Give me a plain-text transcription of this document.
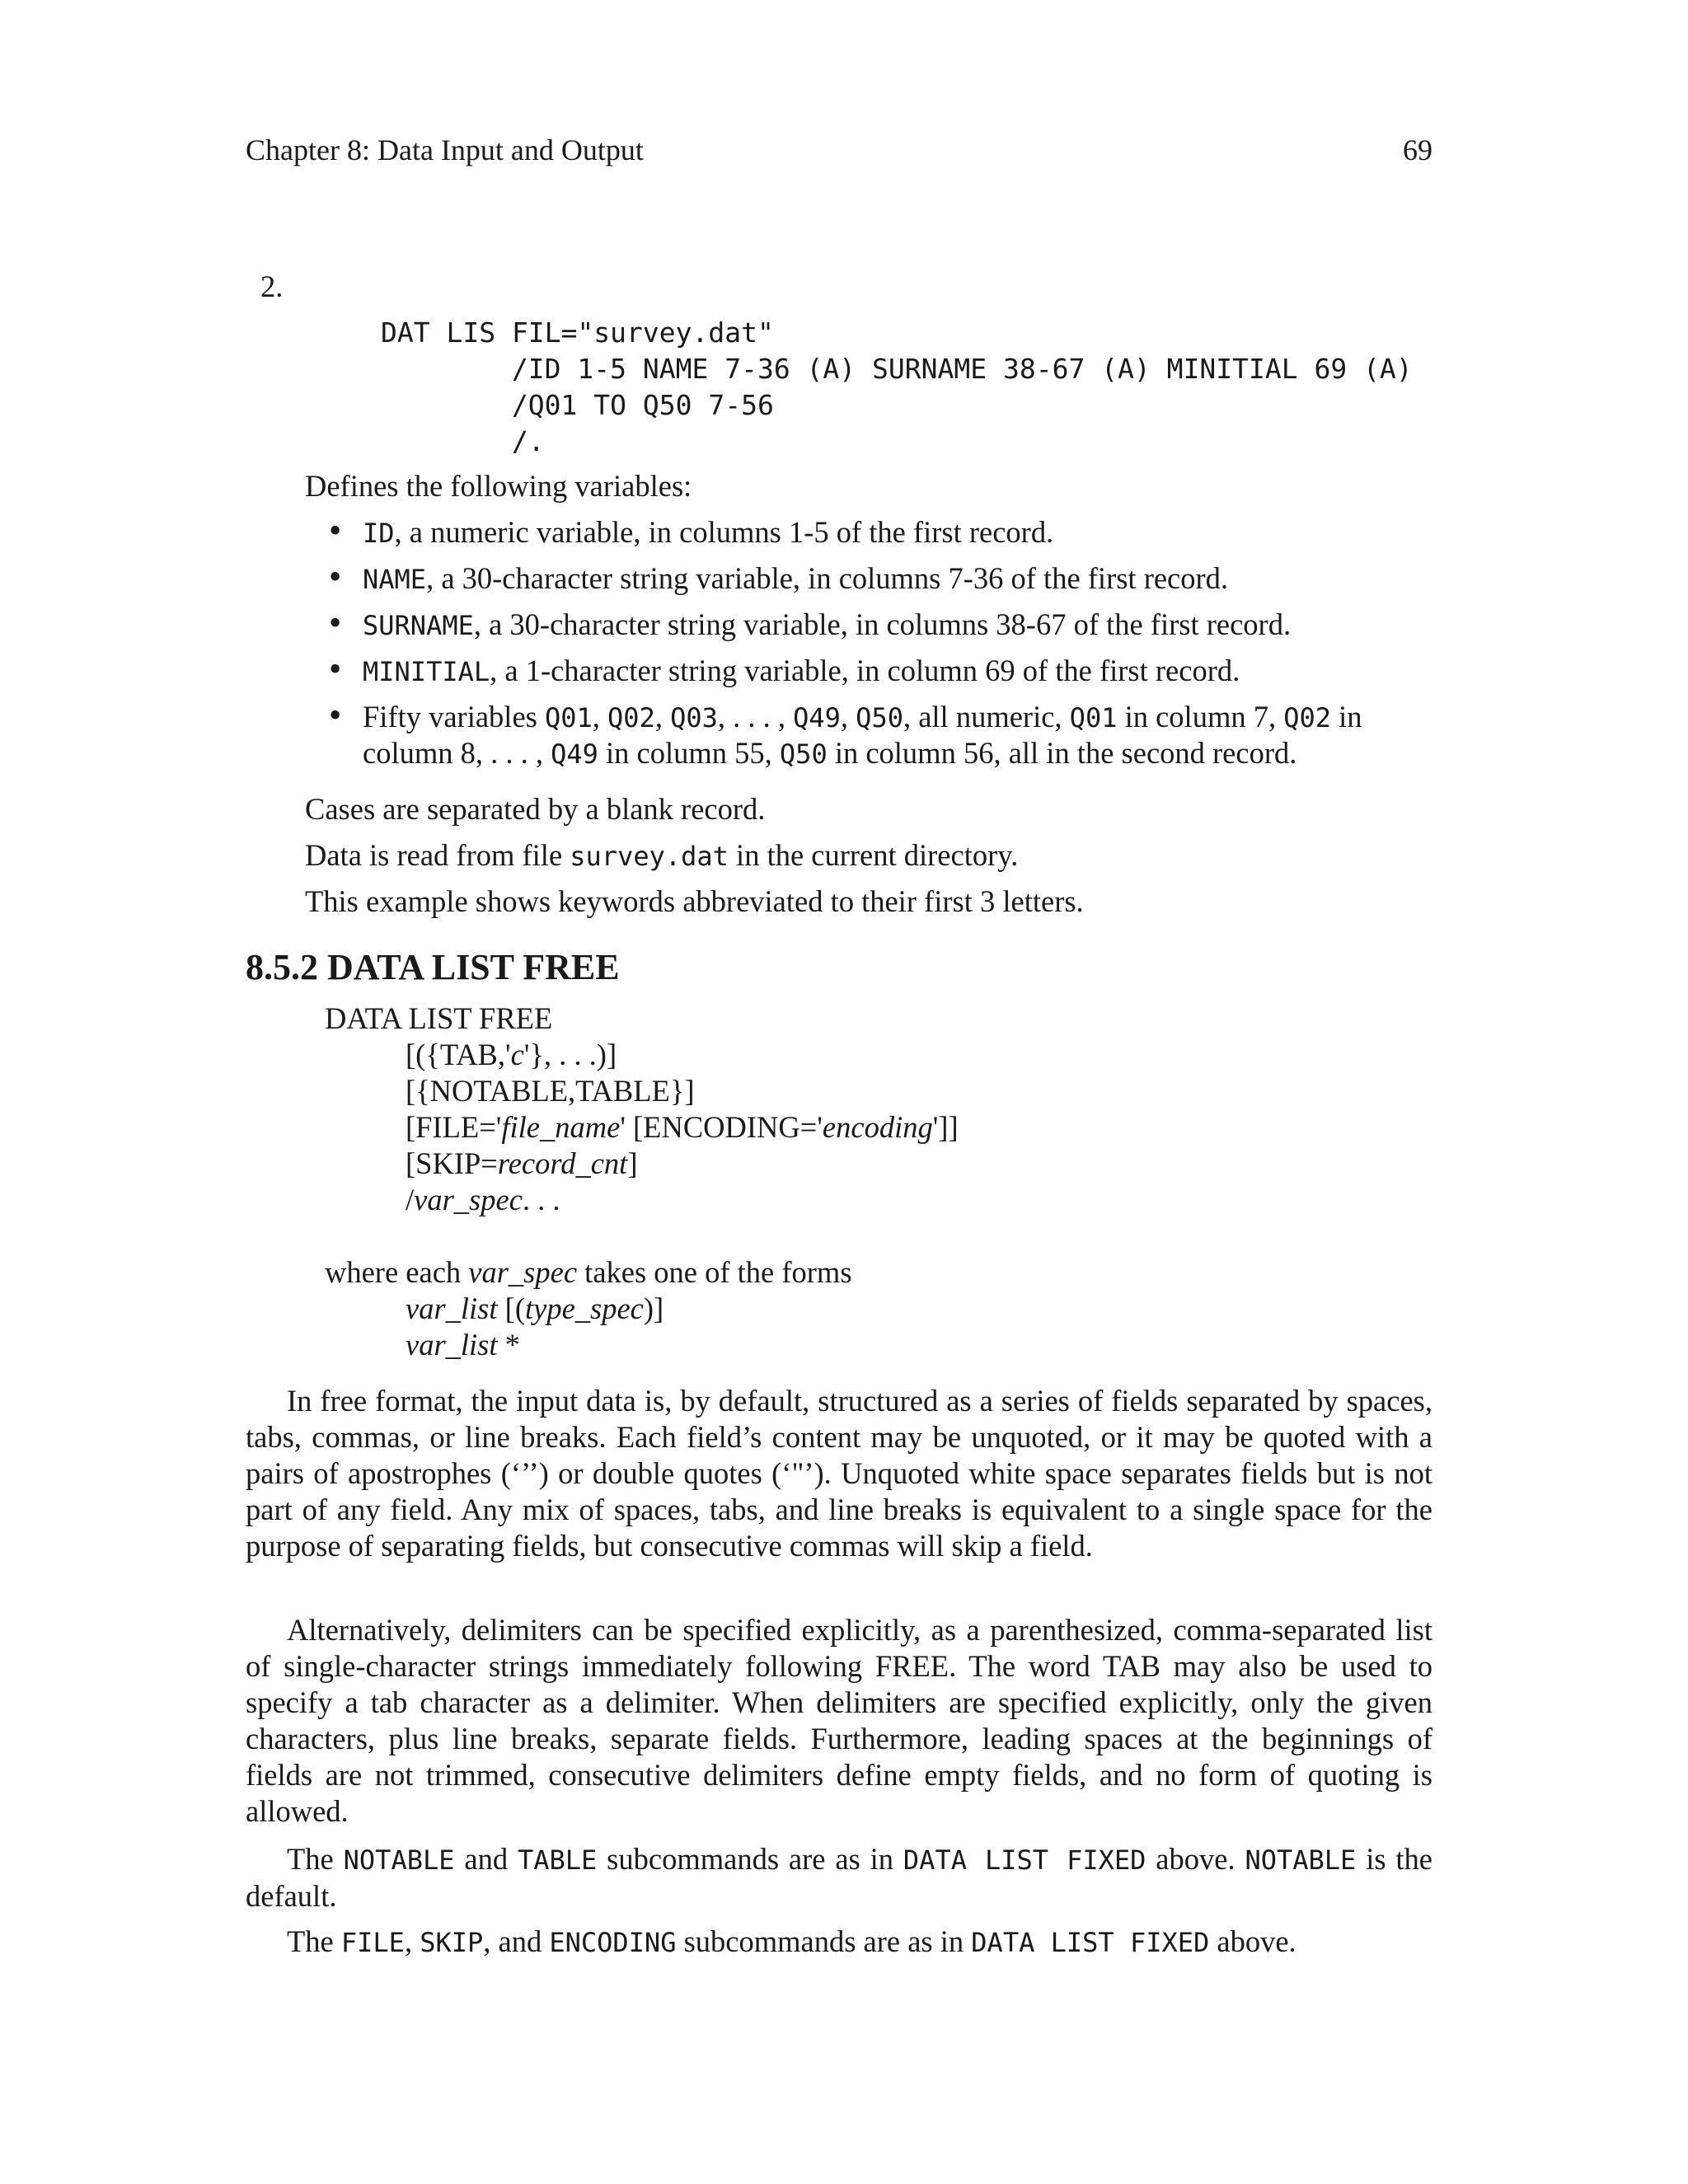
Chapter 8: Data Input and Output	69
2.
DAT LIS FIL="survey.dat"
/ID 1-5 NAME 7-36 (A) SURNAME 38-67 (A) MINITIAL 69 (A)
/Q01 TO Q50 7-56
/.
Defines the following variables:
• ID, a numeric variable, in columns 1-5 of the first record.
• NAME, a 30-character string variable, in columns 7-36 of the first record.
• SURNAME, a 30-character string variable, in columns 38-67 of the first record.
• MINITIAL, a 1-character string variable, in column 69 of the first record.
• Fifty variables Q01, Q02, Q03, . . . , Q49, Q50, all numeric, Q01 in column 7, Q02 in
column 8, . . . , Q49 in column 55, Q50 in column 56, all in the second record.
Cases are separated by a blank record.
Data is read from file survey.dat in the current directory.
This example shows keywords abbreviated to their first 3 letters.
8.5.2 DATA LIST FREE
DATA LIST FREE
[({TAB,'c'}, . . .)]
[{NOTABLE,TABLE}]
[FILE='file_name' [ENCODING='encoding']]
[SKIP=record_cnt]
/var_spec. . .
where each var_spec takes one of the forms
var_list [(type_spec)]
var_list *
In free format, the input data is, by default, structured as a series of fields separated by spaces, tabs, commas, or line breaks. Each field’s content may be unquoted, or it may be quoted with a pairs of apostrophes (‘’’) or double quotes (‘"’). Unquoted white space separates fields but is not part of any field. Any mix of spaces, tabs, and line breaks is equivalent to a single space for the purpose of separating fields, but consecutive commas will skip a field.
Alternatively, delimiters can be specified explicitly, as a parenthesized, comma-separated list of single-character strings immediately following FREE. The word TAB may also be used to specify a tab character as a delimiter. When delimiters are specified explicitly, only the given characters, plus line breaks, separate fields. Furthermore, leading spaces at the beginnings of fields are not trimmed, consecutive delimiters define empty fields, and no form of quoting is allowed.
The NOTABLE and TABLE subcommands are as in DATA LIST FIXED above. NOTABLE is the default.
The FILE, SKIP, and ENCODING subcommands are as in DATA LIST FIXED above.
